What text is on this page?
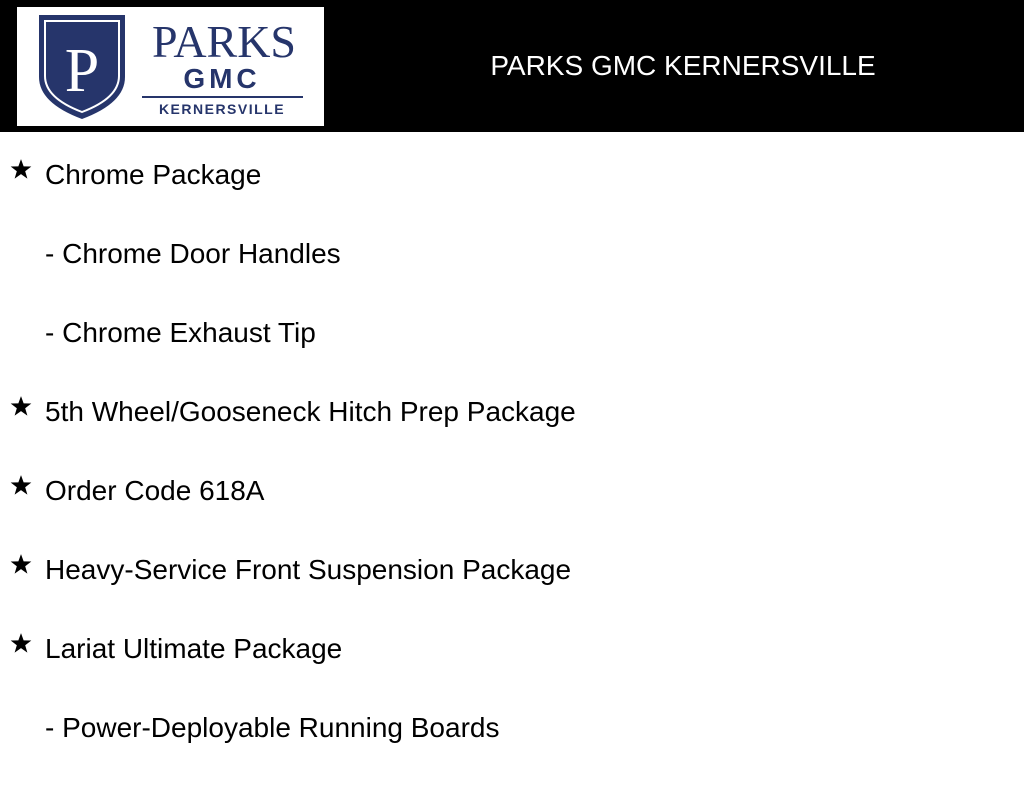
P PARKS
GMC
KERNERSVILLE
PARKS GMC KERNERSVILLE
Chrome Package
- Chrome Door Handles
- Chrome Exhaust Tip
5th Wheel/Gooseneck Hitch Prep Package
Order Code 618A
Heavy-Service Front Suspension Package
Lariat Ultimate Package
- Power-Deployable Running Boards
